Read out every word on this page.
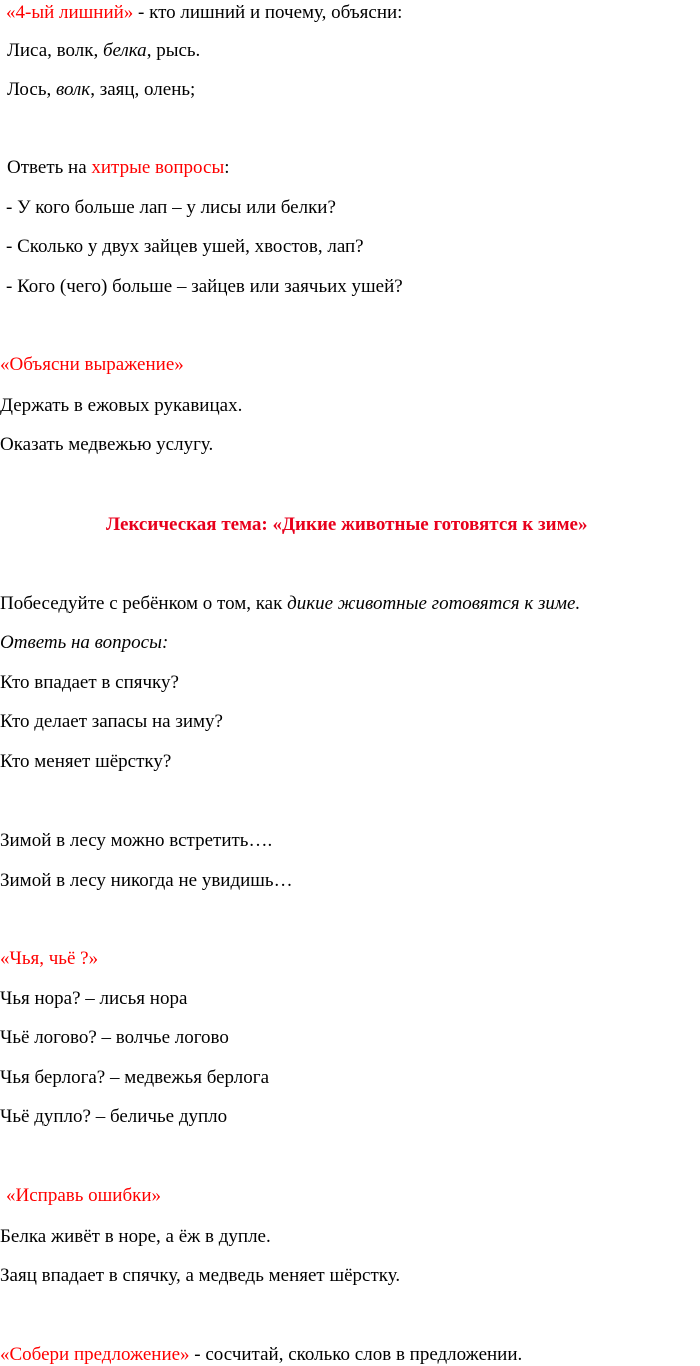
«4-ый лишний» - кто лишний и почему, объясни:
Лиса, волк, белка, рысь.
Лось, волк, заяц, олень;
Ответь на хитрые вопросы:
- У кого больше лап – у лисы или белки?
- Сколько у двух зайцев ушей, хвостов, лап?
- Кого (чего) больше – зайцев или заячьих ушей?
«Объясни выражение»
Держать в ежовых рукавицах.
Оказать медвежью услугу.
Лексическая тема: «Дикие животные готовятся к зиме»
Побеседуйте с ребёнком о том, как дикие животные готовятся к зиме.
Ответь на вопросы:
Кто впадает в спячку?
Кто делает запасы на зиму?
Кто меняет шёрстку?
Зимой в лесу можно встретить….
Зимой в лесу никогда не увидишь…
«Чья, чьё ?»
Чья нора? – лисья нора
Чьё логово? – волчье логово
Чья берлога? – медвежья берлога
Чьё дупло? – беличье дупло
«Исправь ошибки»
Белка живёт в норе, а ёж в дупле.
Заяц впадает в спячку, а медведь меняет шёрстку.
«Собери предложение» - сосчитай, сколько слов в предложении.
